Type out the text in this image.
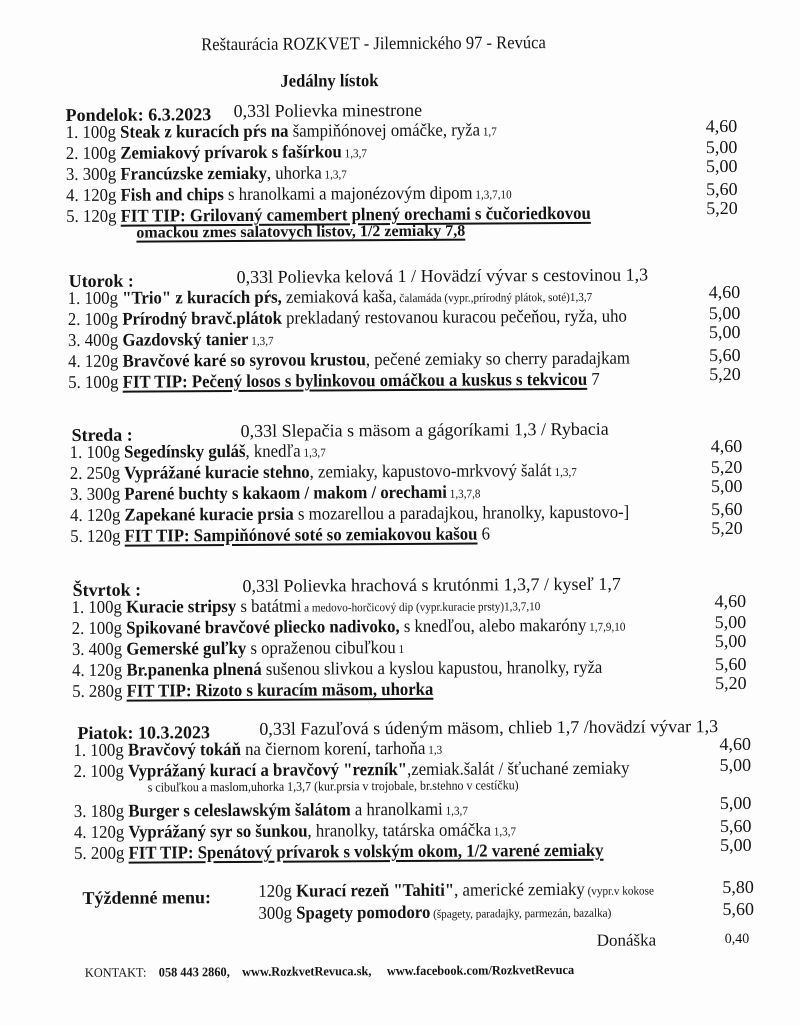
Reštaurácia ROZKVET - Jilemnického 97 - Revúca
Jedálny lístok
Pondelok: 6.3.2023 0,33l Polievka minestrone
1. 100g Steak z kuracích pŕs na šampiňónovej omáčke, ryža 1,7	4,60
2. 100g Zemiakový prívarok s fašírkou 1,3,7	5,00
3. 300g Francúzske zemiaky, uhorka 1,3,7	5,00
4. 120g Fish and chips s hranolkami a majonézovým dipom 1,3,7,10	5,60
5. 120g FIT TIP: Grilovaný camembert plnený orechami s čučoriedkovou	5,20
omackou zmes salatovych listov, 1/2 zemiaky 7,8
Utorok :	0,33l Polievka kelová 1 / Hovädzí vývar s cestovinou 1,3
1. 100g "Trio" z kuracích pŕs, zemiaková kaša, čalamáda (vypr.,prírodný plátok, soté)1,3,7	4,60
2. 100g Prírodný bravč.plátok prekladaný restovanou kuracou pečeňou, ryža, uho	5,00
3. 400g Gazdovský tanier 1,3,7	5,00
4. 120g Bravčové karé so syrovou krustou, pečené zemiaky so cherry paradajkam	5,60
5. 100g FIT TIP: Pečený losos s bylinkovou omáčkou a kuskus s tekvicou 7	5,20
Streda :	0,33l Slepačia s mäsom a gágoríkami 1,3 / Rybacia
1. 100g Segedínsky guláš, knedľa 1,3,7	4,60
2. 250g Vyprážané kuracie stehno, zemiaky, kapustovo-mrkvový šalát 1,3,7	5,20
3. 300g Parené buchty s kakaom / makom / orechami 1,3,7,8	5,00
4. 120g Zapekané kuracie prsia s mozarellou a paradajkou, hranolky, kapustovo-]	5,60
5. 120g FIT TIP: Sampiňónové soté so zemiakovou kašou 6	5,20
Štvrtok :	0,33l Polievka hrachová s krutónmi 1,3,7 / kyseľ 1,7
1. 100g Kuracie stripsy s batátmi a medovo-horčicový dip (vypr.kuracie prsty)1,3,7,10	4,60
2. 100g Spikované bravčové pliecko nadivoko, s knedľou, alebo makaróny 1,7,9,10	5,00
3. 400g Gemerské guľky s opraženou cibuľkou 1	5,00
4. 120g Br.panenka plnená sušenou slivkou a kyslou kapustou, hranolky, ryža	5,60
5. 280g FIT TIP: Rizoto s kuracím mäsom, uhorka	5,20
Piatok: 10.3.2023	0,33l Fazuľová s údeným mäsom, chlieb 1,7 /hovädzí vývar 1,3
1. 100g Bravčový tokáň na čiernom korení, tarhoňa 1,3	4,60
2. 100g Vyprážaný kurací a bravčový "rezník",zemiak.šalát / šťuchané zemiaky	5,00
s cibuľkou a maslom,uhorka 1,3,7 (kur.prsia v trojobale, br.stehno v cestíčku)
3. 180g Burger s celeslawským šalátom a hranolkami 1,3,7	5,00
4. 120g Vyprážaný syr so šunkou, hranolky, tatárska omáčka 1,3,7	5,60
5. 200g FIT TIP: Spenátový prívarok s volským okom, 1/2 varené zemiaky	5,00
Týždenné menu:	120g Kurací rezeň "Tahiti", americké zemiaky (vypr.v kokose	5,80
300g Spagety pomodoro (špagety, paradajky, parmezán, bazalka)	5,60
Donáška	0,40
KONTAKT: 058 443 2860, www.RozkvetRevuca.sk, www.facebook.com/RozkvetRevuca
